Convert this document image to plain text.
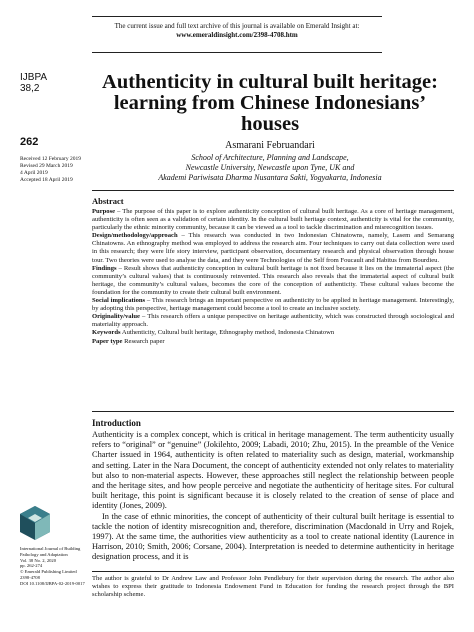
The current issue and full text archive of this journal is available on Emerald Insight at:
www.emeraldinsight.com/2398-4708.htm
IJBPA
38,2
262
Received 12 February 2019
Revised 29 March 2019
4 April 2019
Accepted 18 April 2019
Authenticity in cultural built heritage: learning from Chinese Indonesians’ houses
Asmarani Februandari
School of Architecture, Planning and Landscape,
Newcastle University, Newcastle upon Tyne, UK and
Akademi Pariwisata Dharma Nusantara Sakti, Yogyakarta, Indonesia
Abstract

Purpose – The purpose of this paper is to explore authenticity conception of cultural built heritage. As a core of heritage management, authenticity is often seen as a validation of certain identity. In the cultural built heritage context, authenticity is vital for the community, particularly the ethnic minority community, because it can be viewed as a tool to tackle discrimination and misrecognition issues.

Design/methodology/approach – This research was conducted in two Indonesian Chinatowns, namely, Lasem and Semarang Chinatowns. An ethnography method was employed to address the research aim. Four techniques to carry out data collection were used in this research; they were life story interview, participant observation, documentary research and physical observation through house tour. Two theories were used to analyse the data, and they were Technologies of the Self from Foucault and Habitus from Bourdieu.

Findings – Result shows that authenticity conception in cultural built heritage is not fixed because it lies on the immaterial aspect (the community’s cultural values) that is continuously reinvented. This research also reveals that the immaterial aspect of cultural built heritage, the community’s cultural values, becomes the core of the conception of authenticity. These cultural values become the foundation for the community to create their cultural built environment.

Social implications – This research brings an important perspective on authenticity to be applied in heritage management. Interestingly, by adopting this perspective, heritage management could become a tool to create an inclusive society.

Originality/value – This research offers a unique perspective on heritage authenticity, which was constructed through sociological and materiality approach.

Keywords Authenticity, Cultural built heritage, Ethnography method, Indonesia Chinatown

Paper type Research paper

Introduction

Authenticity is a complex concept, which is critical in heritage management. The term authenticity usually refers to “original” or “genuine” (Jokilehto, 2009; Labadi, 2010; Zhu, 2015). In the preamble of the Venice Charter issued in 1964, authenticity is often related to materiality such as design, material, workmanship and setting. Later in the Nara Document, the concept of authenticity extended not only relates to materiality but also to non-material aspects. However, these approaches still neglect the relationship between people and the heritage sites, and how people perceive and negotiate the authenticity of heritage sites. For cultural built heritage, this point is significant because it is closely related to the creation of sense of place and identity (Jones, 2009).

In the case of ethnic minorities, the concept of authenticity of their cultural built heritage is essential to tackle the notion of identity misrecognition and, therefore, discrimination (Macdonald in Urry and Rojek, 1997). At the same time, the authorities view authenticity as a tool to create national identity (Laurence in Harrison, 2010; Smith, 2006; Corsane, 2004). Interpretation is needed to determine authenticity in heritage designation process, and it is

International Journal of Building
Pathology and Adaptation
Vol. 38 No. 2, 2020
pp. 262-274
© Emerald Publishing Limited
2398-4708
DOI 10.1108/IJBPA-02-2019-0017
The author is grateful to Dr Andrew Law and Professor John Pendlebury for their supervision during the research. The author also wishes to express their gratitude to Indonesia Endowment Fund in Education for funding the research project through the BPI scholarship scheme.
